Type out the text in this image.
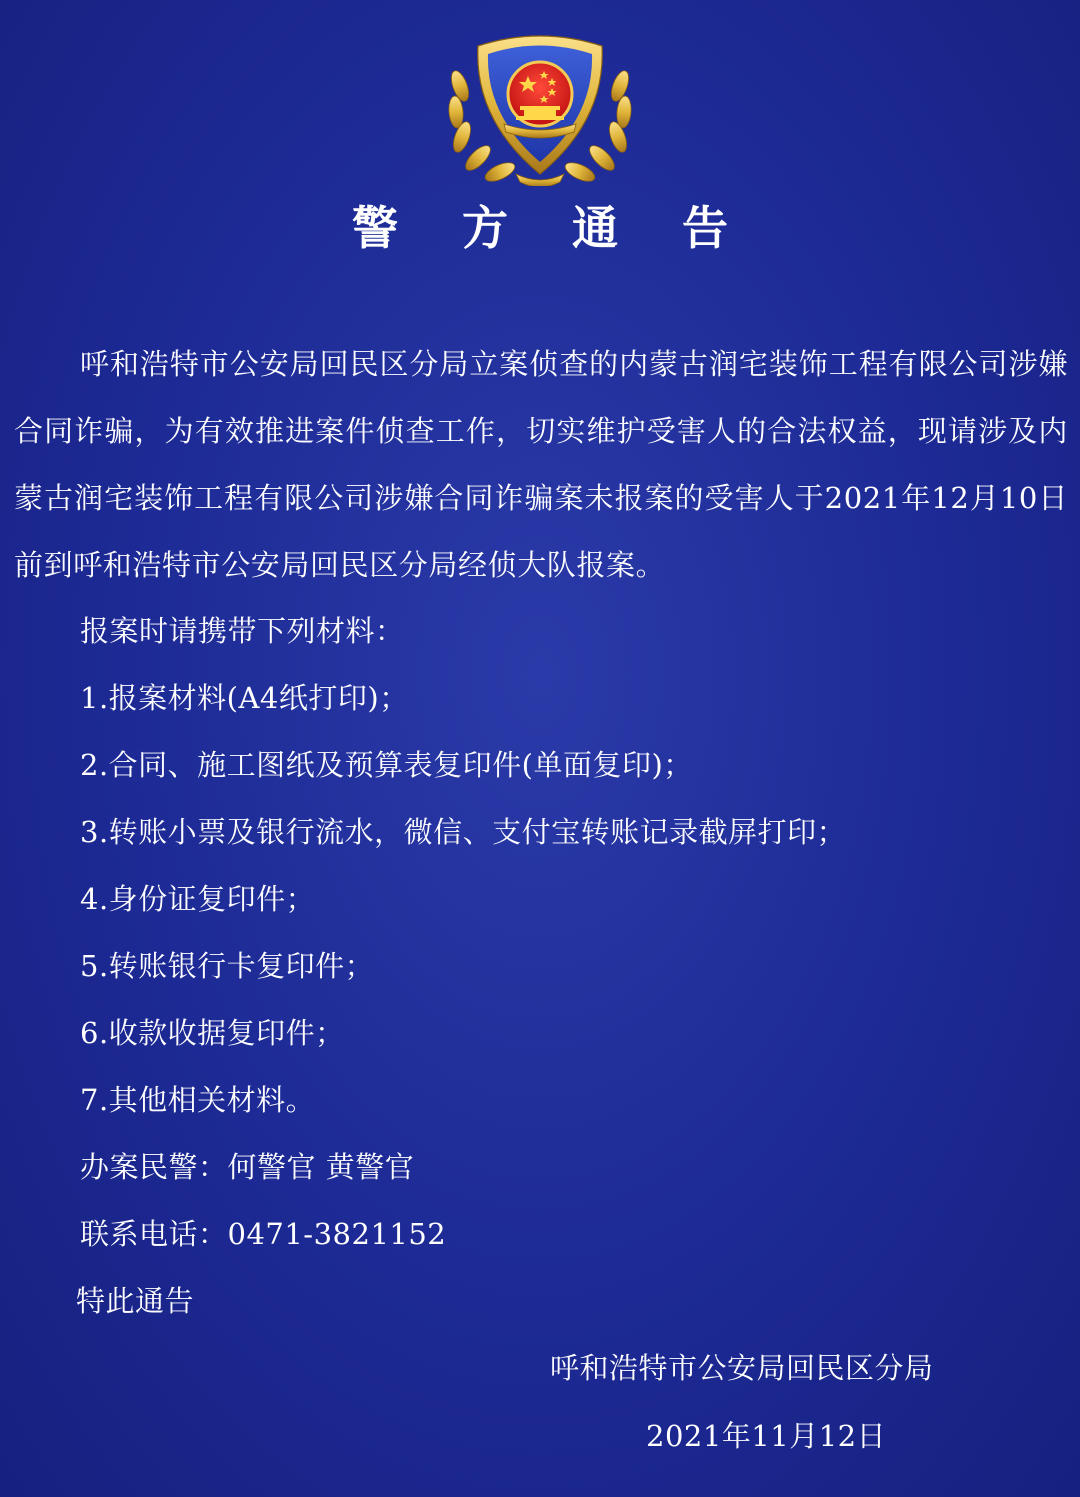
警 方 通 告

呼和浩特市公安局回民区分局立案侦查的内蒙古润宅装饰工程有限公司涉嫌合同诈骗，为有效推进案件侦查工作，切实维护受害人的合法权益，现请涉及内蒙古润宅装饰工程有限公司涉嫌合同诈骗案未报案的受害人于2021年12月10日前到呼和浩特市公安局回民区分局经侦大队报案。

报案时请携带下列材料：
1.报案材料(A4纸打印)；
2.合同、施工图纸及预算表复印件(单面复印)；
3.转账小票及银行流水，微信、支付宝转账记录截屏打印；
4.身份证复印件；
5.转账银行卡复印件；
6.收款收据复印件；
7.其他相关材料。
办案民警：何警官 黄警官
联系电话：0471-3821152
特此通告
呼和浩特市公安局回民区分局
2021年11月12日
